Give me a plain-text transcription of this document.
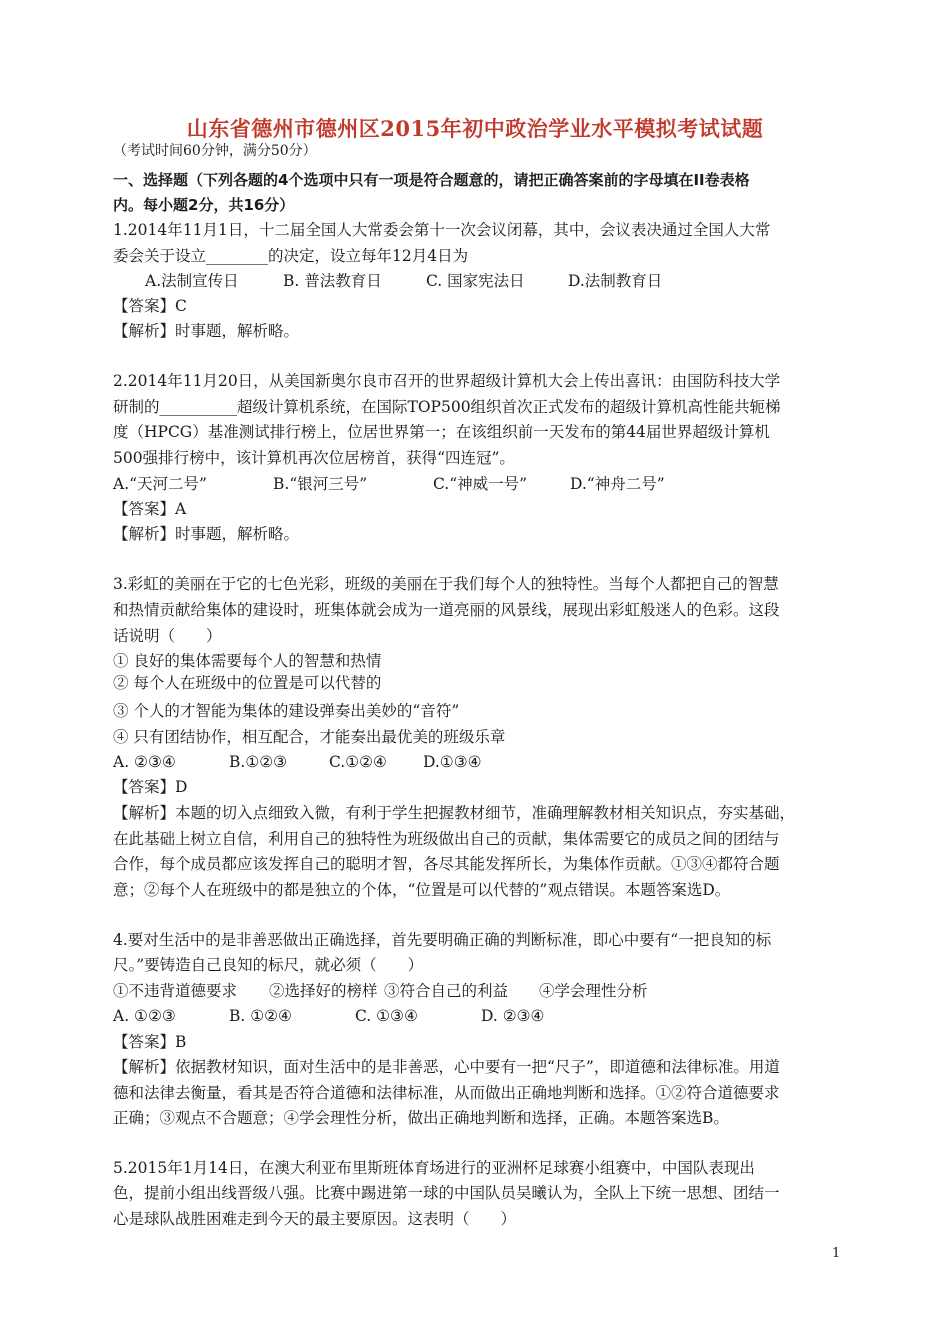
山东省德州市德州区2015年初中政治学业水平模拟考试试题
（考试时间60分钟，满分50分）
一、选择题（下列各题的4个选项中只有一项是符合题意的，请把正确答案前的字母填在II卷表格
内。每小题2分，共16分）
1.2014年11月1日，十二届全国人大常委会第十一次会议闭幕，其中，会议表决通过全国人大常
委会关于设立________的决定，设立每年12月4日为
A.法制宣传日	B. 普法教育日	C. 国家宪法日	D.法制教育日
【答案】C
【解析】时事题，解析略。
2.2014年11月20日，从美国新奥尔良市召开的世界超级计算机大会上传出喜讯：由国防科技大学
研制的__________超级计算机系统，在国际TOP500组织首次正式发布的超级计算机高性能共轭梯
度（HPCG）基准测试排行榜上，位居世界第一；在该组织前一天发布的第44届世界超级计算机
500强排行榜中，该计算机再次位居榜首，获得“四连冠”。
A.“天河二号”	B.“银河三号”	C.“神威一号”	D.“神舟二号”
【答案】A
【解析】时事题，解析略。
3.彩虹的美丽在于它的七色光彩，班级的美丽在于我们每个人的独特性。当每个人都把自己的智慧
和热情贡献给集体的建设时，班集体就会成为一道亮丽的风景线，展现出彩虹般迷人的色彩。这段
话说明（　　）
① 良好的集体需要每个人的智慧和热情
② 每个人在班级中的位置是可以代替的
③ 个人的才智能为集体的建设弹奏出美妙的“音符”
④ 只有团结协作，相互配合，才能奏出最优美的班级乐章
A. ②③④	B.①②③	C.①②④ D.①③④
【答案】D
【解析】本题的切入点细致入微，有利于学生把握教材细节，准确理解教材相关知识点，夯实基础，
在此基础上树立自信，利用自己的独特性为班级做出自己的贡献，集体需要它的成员之间的团结与
合作，每个成员都应该发挥自己的聪明才智，各尽其能发挥所长，为集体作贡献。①③④都符合题
意；②每个人在班级中的都是独立的个体，“位置是可以代替的”观点错误。本题答案选D。
4.要对生活中的是非善恶做出正确选择，首先要明确正确的判断标准，即心中要有“一把良知的标
尺。”要铸造自己良知的标尺，就必须（　　）
①不违背道德要求 ②选择好的榜样 ③符合自己的利益 ④学会理性分析
A. ①②③	B. ①②④	C. ①③④	D. ②③④
【答案】B
【解析】依据教材知识，面对生活中的是非善恶，心中要有一把“尺子”，即道德和法律标准。用道
德和法律去衡量，看其是否符合道德和法律标准，从而做出正确地判断和选择。①②符合道德要求
正确；③观点不合题意；④学会理性分析，做出正确地判断和选择，正确。本题答案选B。
5.2015年1月14日，在澳大利亚布里斯班体育场进行的亚洲杯足球赛小组赛中，中国队表现出
色，提前小组出线晋级八强。比赛中踢进第一球的中国队员吴曦认为，全队上下统一思想、团结一
心是球队战胜困难走到今天的最主要原因。这表明（　　）
1
